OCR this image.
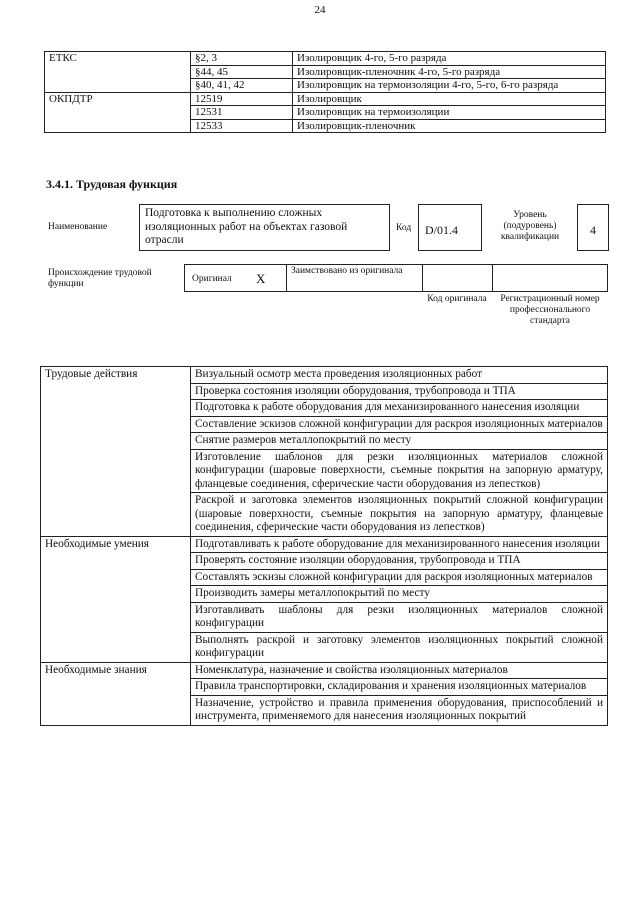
24
ЕТКС	§2, 3	Изолировщик 4-го, 5-го разряда
	§44, 45	Изолировщик-пленочник 4-го, 5-го разряда
	§40, 41, 42	Изолировщик на термоизоляции 4-го, 5-го, 6-го разряда
ОКПДТР	12519	Изолировщик
	12531	Изолировщик на термоизоляции
	12533	Изолировщик-пленочник
3.4.1. Трудовая функция
Наименование
Подготовка к выполнению сложных изоляционных работ на объектах газовой отрасли
Код	D/01.4
Уровень (подуровень) квалификации	4
Происхождение трудовой функции	Оригинал X	Заимствовано из оригинала
Код оригинала	Регистрационный номер профессионального стандарта
Трудовые действия	Визуальный осмотр места проведения изоляционных работ
	Проверка состояния изоляции оборудования, трубопровода и ТПА
	Подготовка к работе оборудования для механизированного нанесения изоляции
	Составление эскизов сложной конфигурации для раскроя изоляционных материалов
	Снятие размеров металлопокрытий по месту
	Изготовление шаблонов для резки изоляционных материалов сложной конфигурации (шаровые поверхности, съемные покрытия на запорную арматуру, фланцевые соединения, сферические части оборудования из лепестков)
	Раскрой и заготовка элементов изоляционных покрытий сложной конфигурации (шаровые поверхности, съемные покрытия на запорную арматуру, фланцевые соединения, сферические части оборудования из лепестков)
Необходимые умения	Подготавливать к работе оборудование для механизированного нанесения изоляции
	Проверять состояние изоляции оборудования, трубопровода и ТПА
	Составлять эскизы сложной конфигурации для раскроя изоляционных материалов
	Производить замеры металлопокрытий по месту
	Изготавливать шаблоны для резки изоляционных материалов сложной конфигурации
	Выполнять раскрой и заготовку элементов изоляционных покрытий сложной конфигурации
Необходимые знания	Номенклатура, назначение и свойства изоляционных материалов
	Правила транспортировки, складирования и хранения изоляционных материалов
	Назначение, устройство и правила применения оборудования, приспособлений и инструмента, применяемого для нанесения изоляционных покрытий
